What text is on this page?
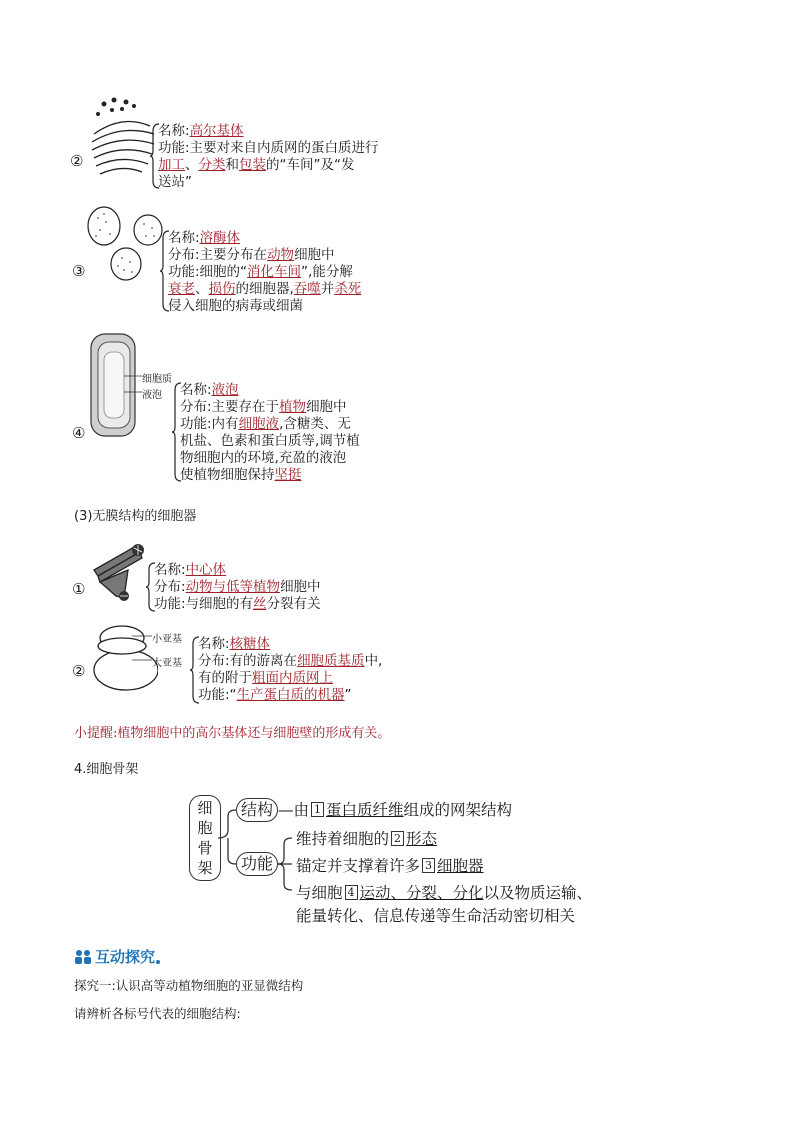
②
名称:高尔基体
功能:主要对来自内质网的蛋白质进行
加工、分类和包装的“车间”及“发
送站”
③
名称:溶酶体
分布:主要分布在动物细胞中
功能:细胞的“消化车间”,能分解
衰老、损伤的细胞器,吞噬并杀死
侵入细胞的病毒或细菌
细胞质
液泡
④
名称:液泡
分布:主要存在于植物细胞中
功能:内有细胞液,含糖类、无
机盐、色素和蛋白质等,调节植
物细胞内的环境,充盈的液泡
使植物细胞保持坚挺
(3)无膜结构的细胞器
①
名称:中心体
分布:动物与低等植物细胞中
功能:与细胞的有丝分裂有关
小亚基
大亚基
②
名称:核糖体
分布:有的游离在细胞质基质中,
有的附于粗面内质网上
功能:“生产蛋白质的机器”
小提醒:植物细胞中的高尔基体还与细胞壁的形成有关。
4.细胞骨架
细
胞
骨
架
结构
功能
—由 1 蛋白质纤维组成的网架结构
维持着细胞的 2 形态
锚定并支撑着许多 3 细胞器
与细胞 4 运动、分裂、分化以及物质运输、
能量转化、信息传递等生命活动密切相关
互动探究
探究一:认识高等动植物细胞的亚显微结构
请辨析各标号代表的细胞结构:
